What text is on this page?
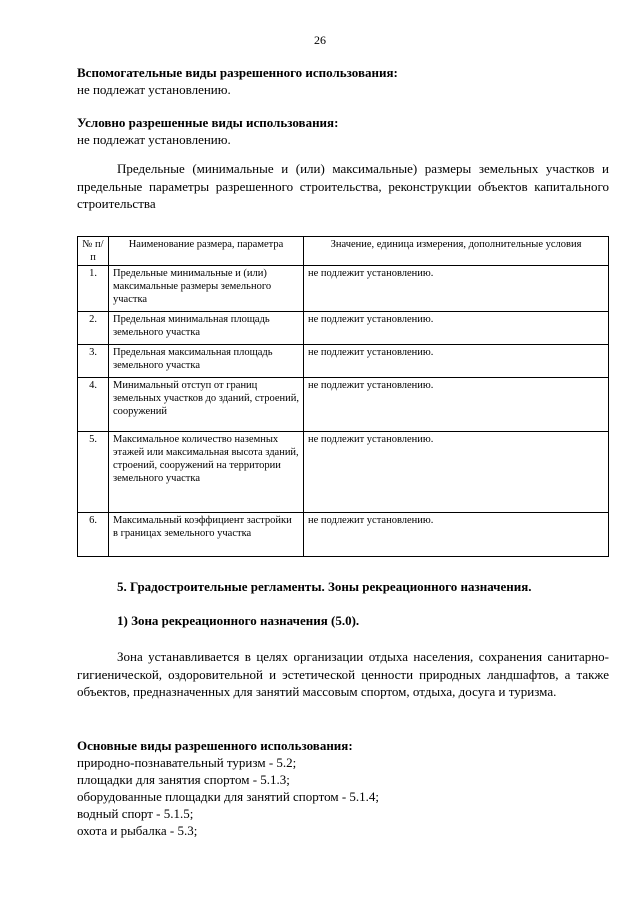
26
Вспомогательные виды разрешенного использования:
не подлежат установлению.
Условно разрешенные виды использования:
не подлежат установлению.
Предельные (минимальные и (или) максимальные) размеры земельных участков и предельные параметры разрешенного строительства, реконструкции объектов капитального строительства
№ п/п	Наименование размера, параметра	Значение, единица измерения, дополнительные условия
1.	Предельные минимальные и (или) максимальные размеры земельного участка	не подлежит установлению.
2.	Предельная минимальная площадь земельного участка	не подлежит установлению.
3.	Предельная максимальная площадь земельного участка	не подлежит установлению.
4.	Минимальный отступ от границ земельных участков до зданий, строений, сооружений	не подлежит установлению.
5.	Максимальное количество наземных этажей или максимальная высота зданий, строений, сооружений на территории земельного участка	не подлежит установлению.
6.	Максимальный коэффициент застройки в границах земельного участка	не подлежит установлению.
5. Градостроительные регламенты. Зоны рекреационного назначения.
1) Зона рекреационного назначения (5.0).
Зона устанавливается в целях организации отдыха населения, сохранения санитарно-гигиенической, оздоровительной и эстетической ценности природных ландшафтов, а также объектов, предназначенных для занятий массовым спортом, отдыха, досуга и туризма.
Основные виды разрешенного использования:
природно-познавательный туризм - 5.2;
площадки для занятия спортом - 5.1.3;
оборудованные площадки для занятий спортом - 5.1.4;
водный спорт - 5.1.5;
охота и рыбалка - 5.3;
